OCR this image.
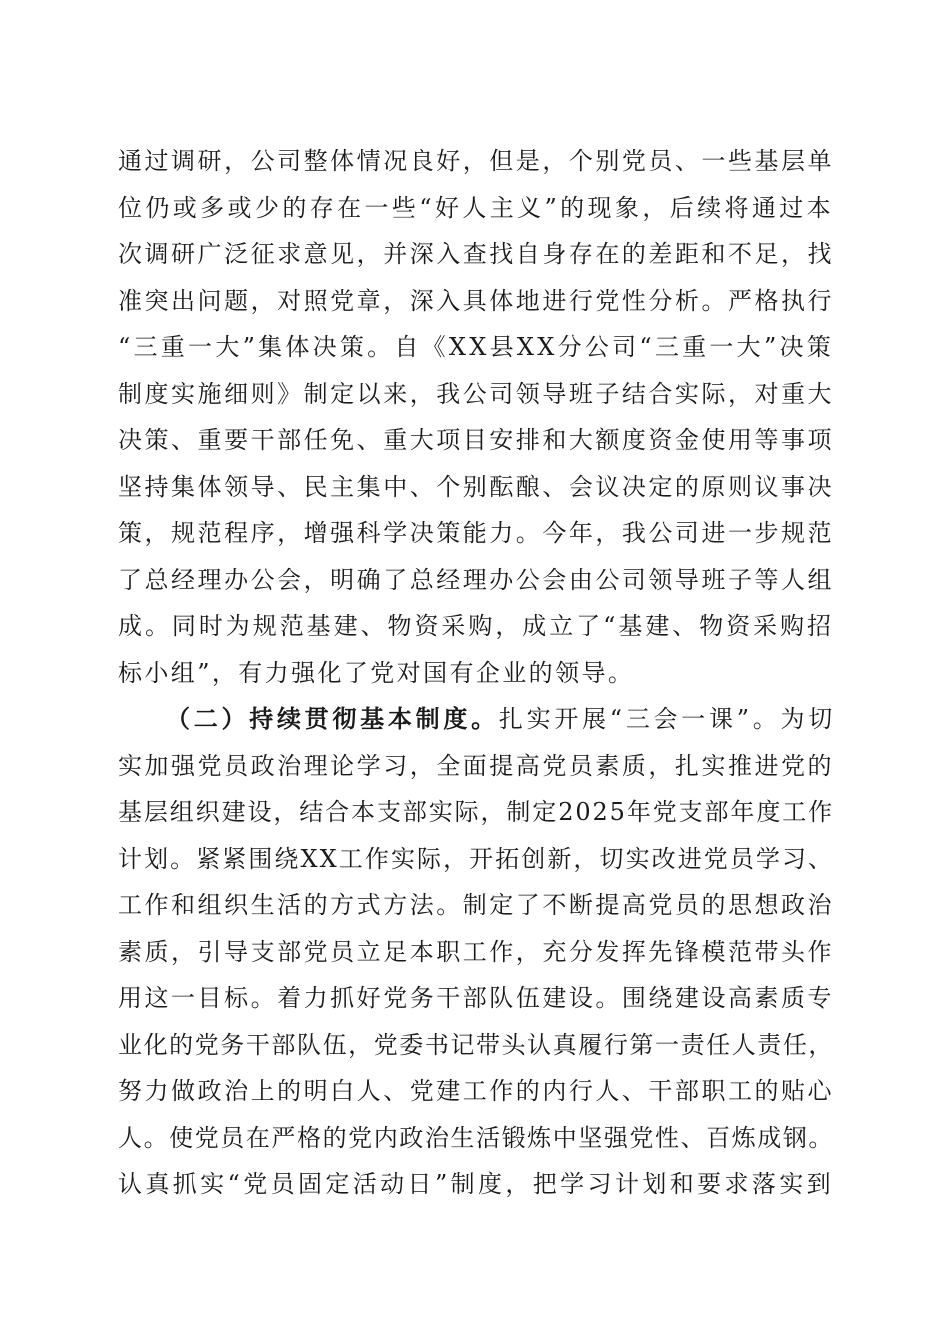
通过调研，公司整体情况良好，但是，个别党员、一些基层单
位仍或多或少的存在一些“好人主义”的现象，后续将通过本
次调研广泛征求意见，并深入查找自身存在的差距和不足，找
准突出问题，对照党章，深入具体地进行党性分析。严格执行
“三重一大”集体决策。自《XX县XX分公司“三重一大”决策
制度实施细则》制定以来，我公司领导班子结合实际，对重大
决策、重要干部任免、重大项目安排和大额度资金使用等事项
坚持集体领导、民主集中、个别酝酿、会议决定的原则议事决
策，规范程序，增强科学决策能力。今年，我公司进一步规范
了总经理办公会，明确了总经理办公会由公司领导班子等人组
成。同时为规范基建、物资采购，成立了“基建、物资采购招
标小组”，有力强化了党对国有企业的领导。
（二）持续贯彻基本制度。扎实开展“三会一课”。为切
实加强党员政治理论学习，全面提高党员素质，扎实推进党的
基层组织建设，结合本支部实际，制定2025年党支部年度工作
计划。紧紧围绕XX工作实际，开拓创新，切实改进党员学习、
工作和组织生活的方式方法。制定了不断提高党员的思想政治
素质，引导支部党员立足本职工作，充分发挥先锋模范带头作
用这一目标。着力抓好党务干部队伍建设。围绕建设高素质专
业化的党务干部队伍，党委书记带头认真履行第一责任人责任，
努力做政治上的明白人、党建工作的内行人、干部职工的贴心
人。使党员在严格的党内政治生活锻炼中坚强党性、百炼成钢。
认真抓实“党员固定活动日”制度，把学习计划和要求落实到
